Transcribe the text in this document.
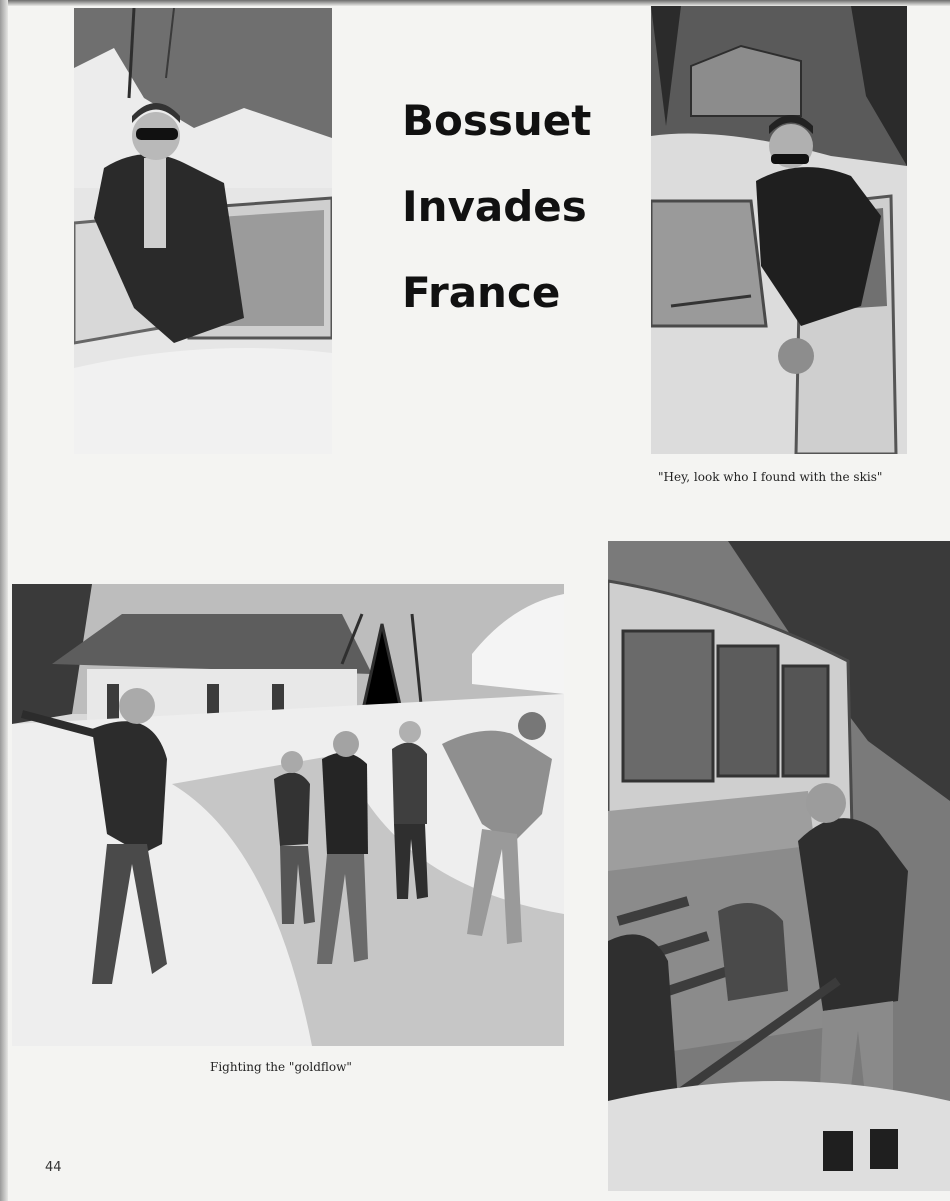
Bossuet
Invades
France
"Hey, look who I found with the skis"
Fighting the "goldflow"
44
